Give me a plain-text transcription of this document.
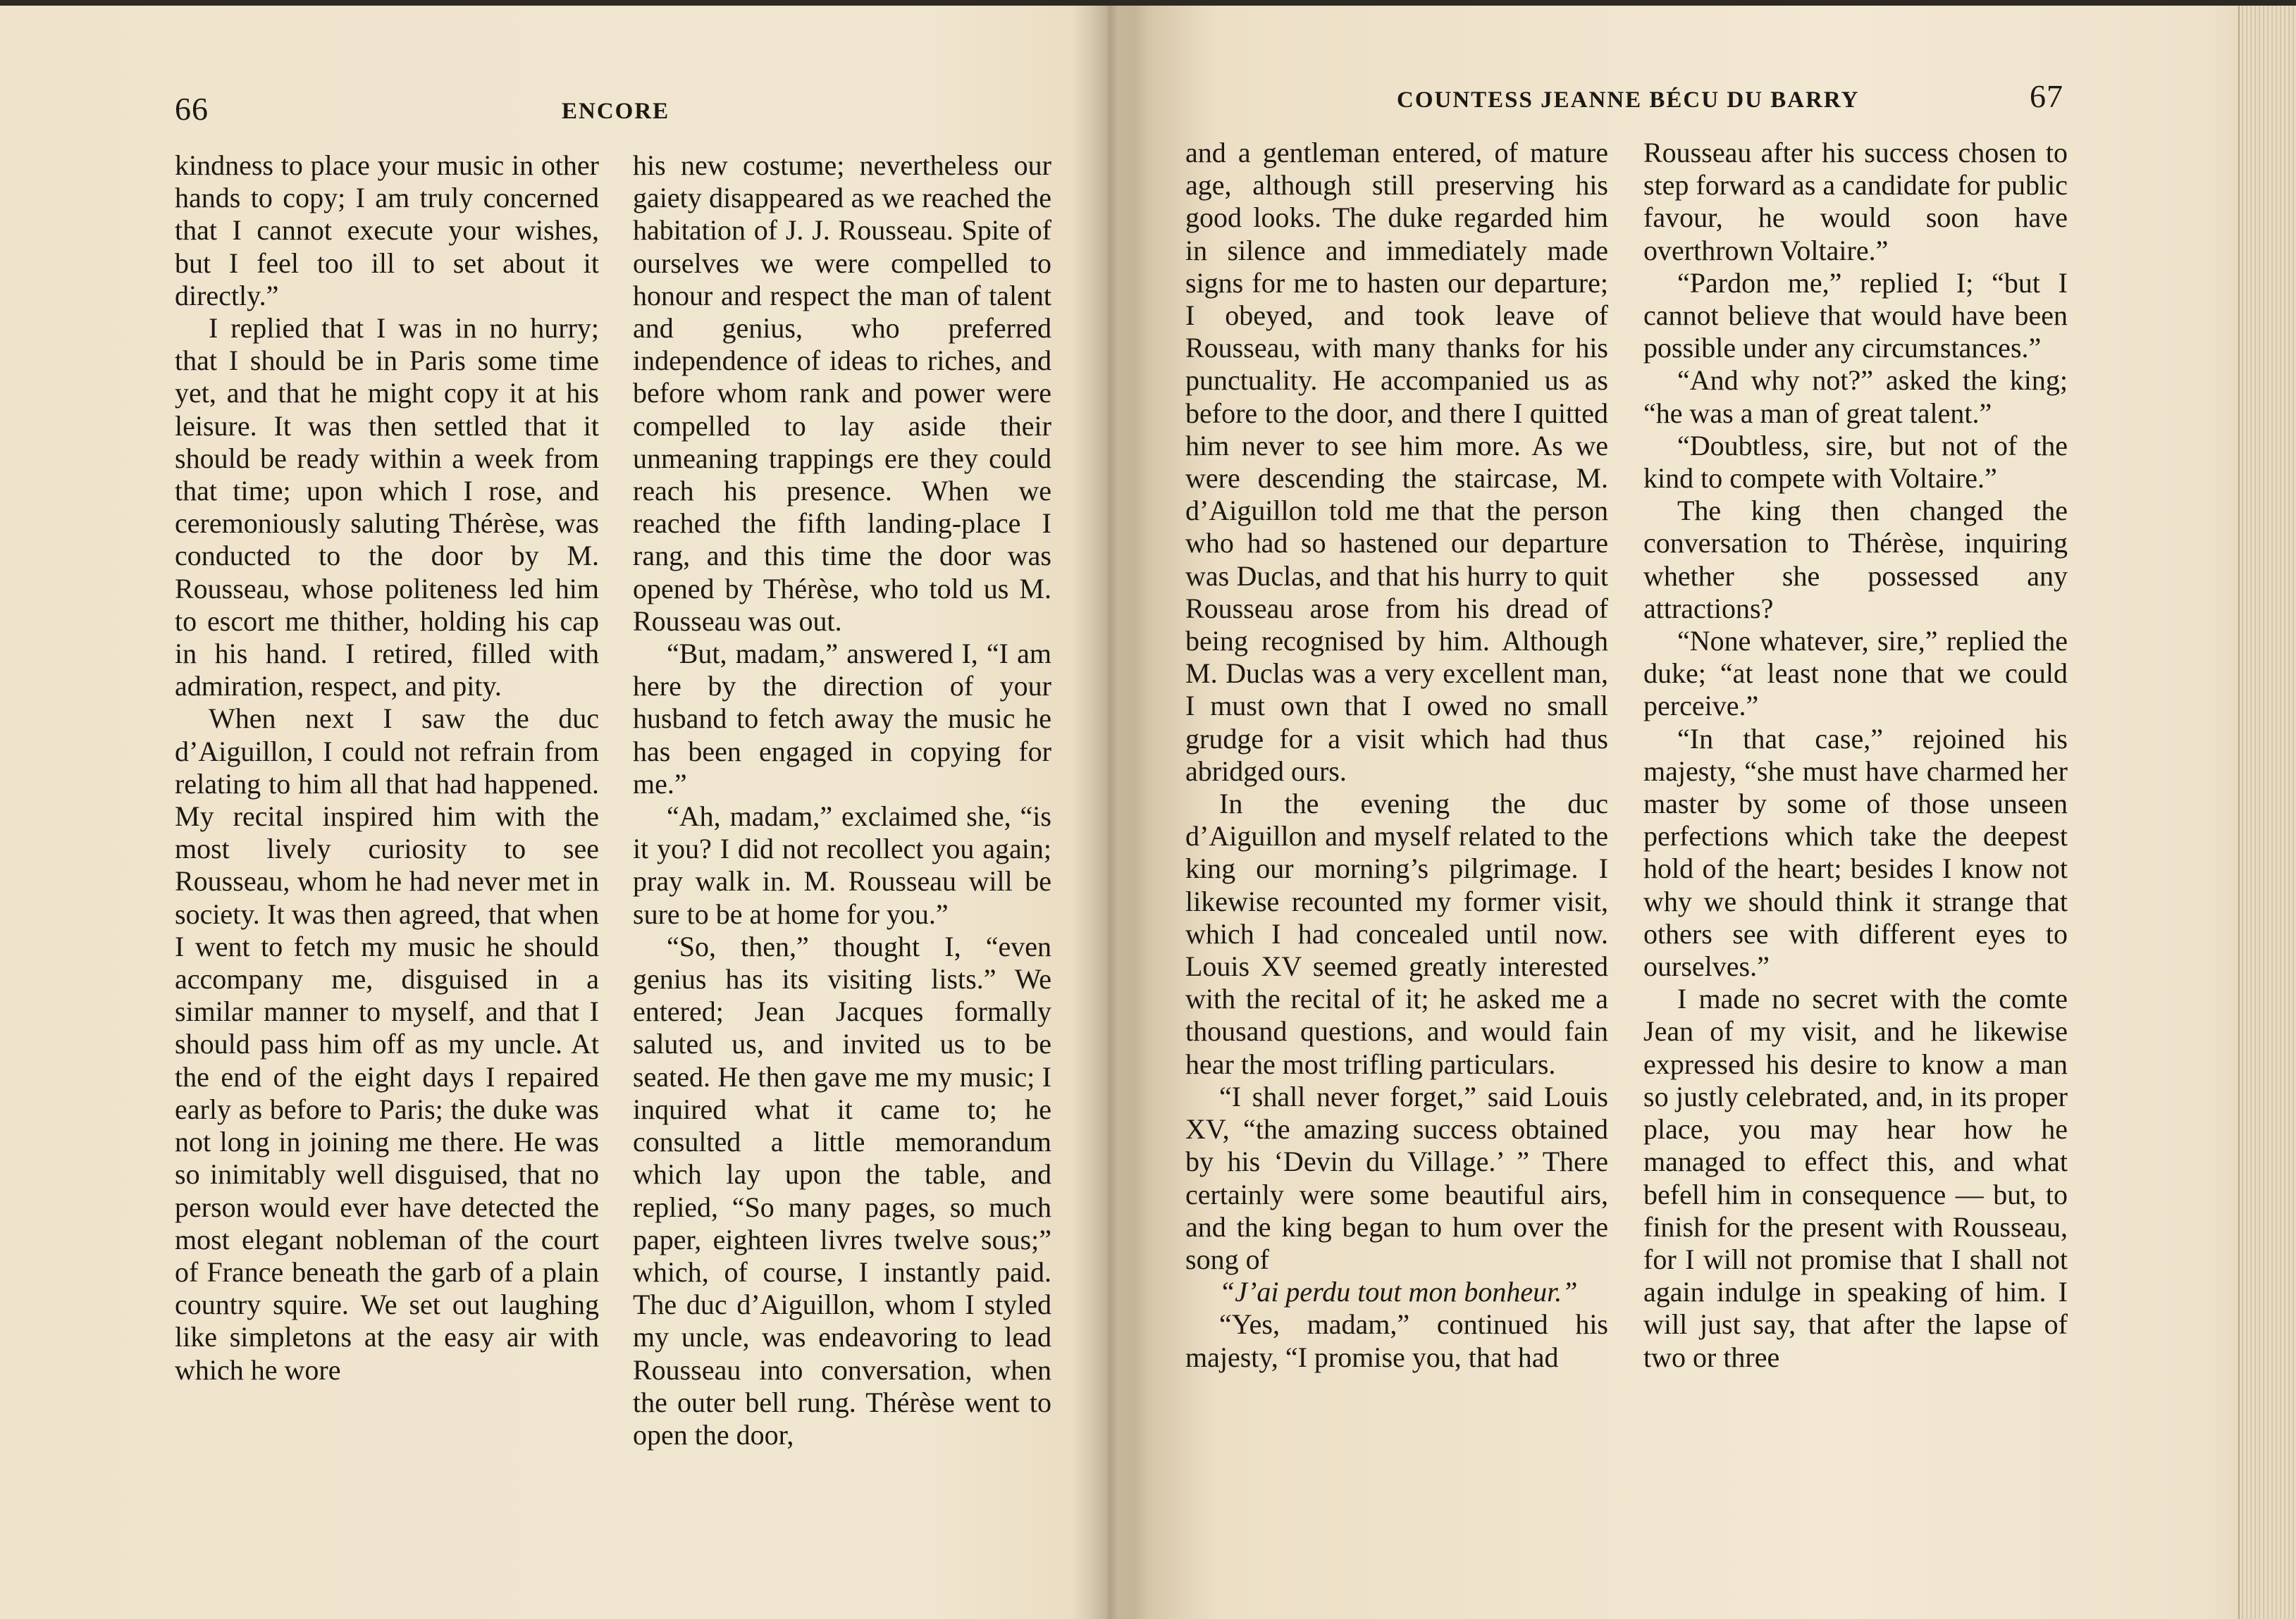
66	ENCORE

kindness to place your music in other hands to copy; I am truly concerned that I cannot execute your wishes, but I feel too ill to set about it directly.”

I replied that I was in no hurry; that I should be in Paris some time yet, and that he might copy it at his leisure. It was then settled that it should be ready within a week from that time; upon which I rose, and ceremoniously saluting Thérèse, was conducted to the door by M. Rousseau, whose politeness led him to escort me thither, holding his cap in his hand. I retired, filled with admiration, respect, and pity.

When next I saw the duc d’Aiguillon, I could not refrain from relating to him all that had happened. My recital inspired him with the most lively curiosity to see Rousseau, whom he had never met in society. It was then agreed, that when I went to fetch my music he should accompany me, disguised in a similar manner to myself, and that I should pass him off as my uncle. At the end of the eight days I repaired early as before to Paris; the duke was not long in joining me there. He was so inimitably well disguised, that no person would ever have detected the most elegant nobleman of the court of France beneath the garb of a plain country squire. We set out laughing like simpletons at the easy air with which he wore

his new costume; nevertheless our gaiety disappeared as we reached the habitation of J. J. Rousseau. Spite of ourselves we were compelled to honour and respect the man of talent and genius, who preferred independence of ideas to riches, and before whom rank and power were compelled to lay aside their unmeaning trappings ere they could reach his presence. When we reached the fifth landing-place I rang, and this time the door was opened by Thérèse, who told us M. Rousseau was out.

“But, madam,” answered I, “I am here by the direction of your husband to fetch away the music he has been engaged in copying for me.”

“Ah, madam,” exclaimed she, “is it you? I did not recollect you again; pray walk in. M. Rousseau will be sure to be at home for you.”

“So, then,” thought I, “even genius has its visiting lists.” We entered; Jean Jacques formally saluted us, and invited us to be seated. He then gave me my music; I inquired what it came to; he consulted a little memorandum which lay upon the table, and replied, “So many pages, so much paper, eighteen livres twelve sous;” which, of course, I instantly paid. The duc d’Aiguillon, whom I styled my uncle, was endeavoring to lead Rousseau into conversation, when the outer bell rung. Thérèse went to open the door,

COUNTESS JEANNE BÉCU DU BARRY	67

and a gentleman entered, of mature age, although still preserving his good looks. The duke regarded him in silence and immediately made signs for me to hasten our departure; I obeyed, and took leave of Rousseau, with many thanks for his punctuality. He accompanied us as before to the door, and there I quitted him never to see him more. As we were descending the staircase, M. d’Aiguillon told me that the person who had so hastened our departure was Duclas, and that his hurry to quit Rousseau arose from his dread of being recognised by him. Although M. Duclas was a very excellent man, I must own that I owed no small grudge for a visit which had thus abridged ours.

In the evening the duc d’Aiguillon and myself related to the king our morning’s pilgrimage. I likewise recounted my former visit, which I had concealed until now. Louis XV seemed greatly interested with the recital of it; he asked me a thousand questions, and would fain hear the most trifling particulars.

“I shall never forget,” said Louis XV, “the amazing success obtained by his ‘Devin du Village.’ ” There certainly were some beautiful airs, and the king began to hum over the song of

“J’ai perdu tout mon bonheur.”

“Yes, madam,” continued his majesty, “I promise you, that had

Rousseau after his success chosen to step forward as a candidate for public favour, he would soon have overthrown Voltaire.”

“Pardon me,” replied I; “but I cannot believe that would have been possible under any circumstances.”

“And why not?” asked the king; “he was a man of great talent.”

“Doubtless, sire, but not of the kind to compete with Voltaire.”

The king then changed the conversation to Thérèse, inquiring whether she possessed any attractions?

“None whatever, sire,” replied the duke; “at least none that we could perceive.”

“In that case,” rejoined his majesty, “she must have charmed her master by some of those unseen perfections which take the deepest hold of the heart; besides I know not why we should think it strange that others see with different eyes to ourselves.”

I made no secret with the comte Jean of my visit, and he likewise expressed his desire to know a man so justly celebrated, and, in its proper place, you may hear how he managed to effect this, and what befell him in consequence — but, to finish for the present with Rousseau, for I will not promise that I shall not again indulge in speaking of him. I will just say, that after the lapse of two or three
